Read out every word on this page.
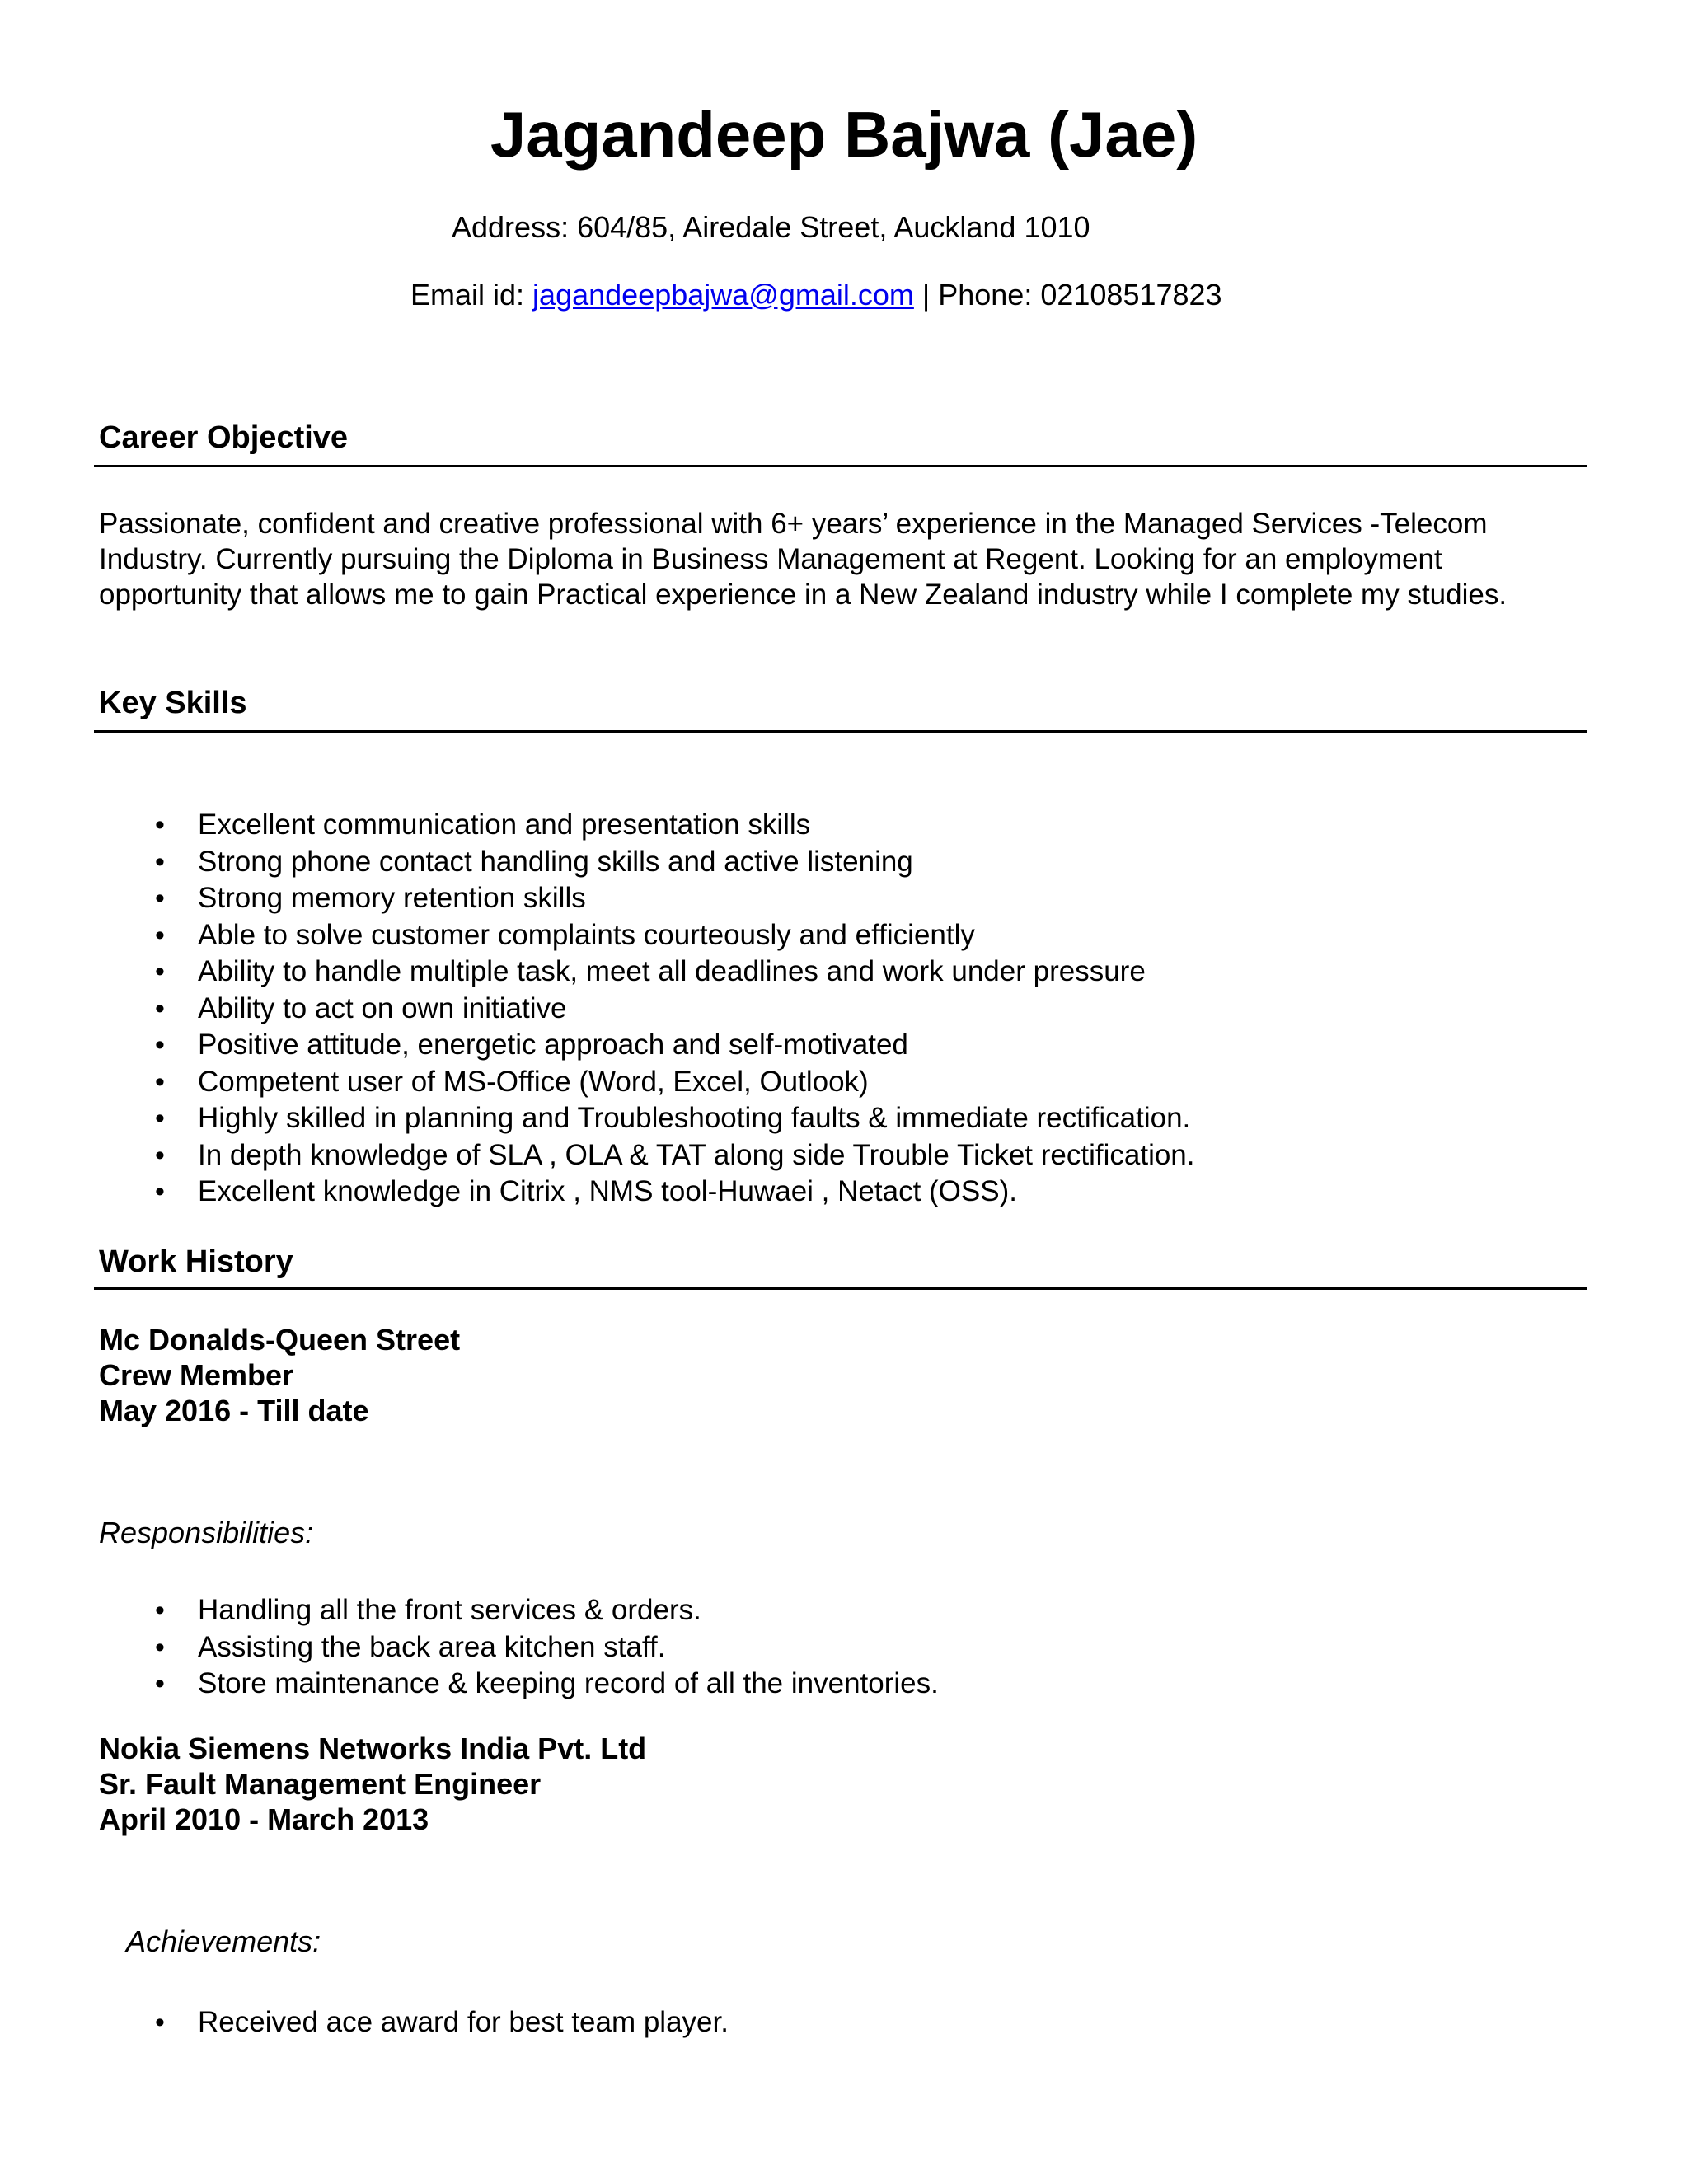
Jagandeep Bajwa (Jae)
Address: 604/85, Airedale Street, Auckland 1010
Email id: jagandeepbajwa@gmail.com | Phone: 02108517823
Career Objective
Passionate, confident and creative professional with 6+ years’ experience in the Managed Services -Telecom
Industry. Currently pursuing the Diploma in Business Management at Regent. Looking for an employment
opportunity that allows me to gain Practical experience in a New Zealand industry while I complete my studies.
Key Skills
• Excellent communication and presentation skills
• Strong phone contact handling skills and active listening
• Strong memory retention skills
• Able to solve customer complaints courteously and efficiently
• Ability to handle multiple task, meet all deadlines and work under pressure
• Ability to act on own initiative
• Positive attitude, energetic approach and self-motivated
• Competent user of MS-Office (Word, Excel, Outlook)
• Highly skilled in planning and Troubleshooting faults & immediate rectification.
• In depth knowledge of SLA , OLA & TAT along side Trouble Ticket rectification.
• Excellent knowledge in Citrix , NMS tool-Huwaei , Netact (OSS).
Work History
Mc Donalds-Queen Street
Crew Member
May 2016 - Till date
Responsibilities:
• Handling all the front services & orders.
• Assisting the back area kitchen staff.
• Store maintenance & keeping record of all the inventories.
Nokia Siemens Networks India Pvt. Ltd
Sr. Fault Management Engineer
April 2010 - March 2013
Achievements:
• Received ace award for best team player.
